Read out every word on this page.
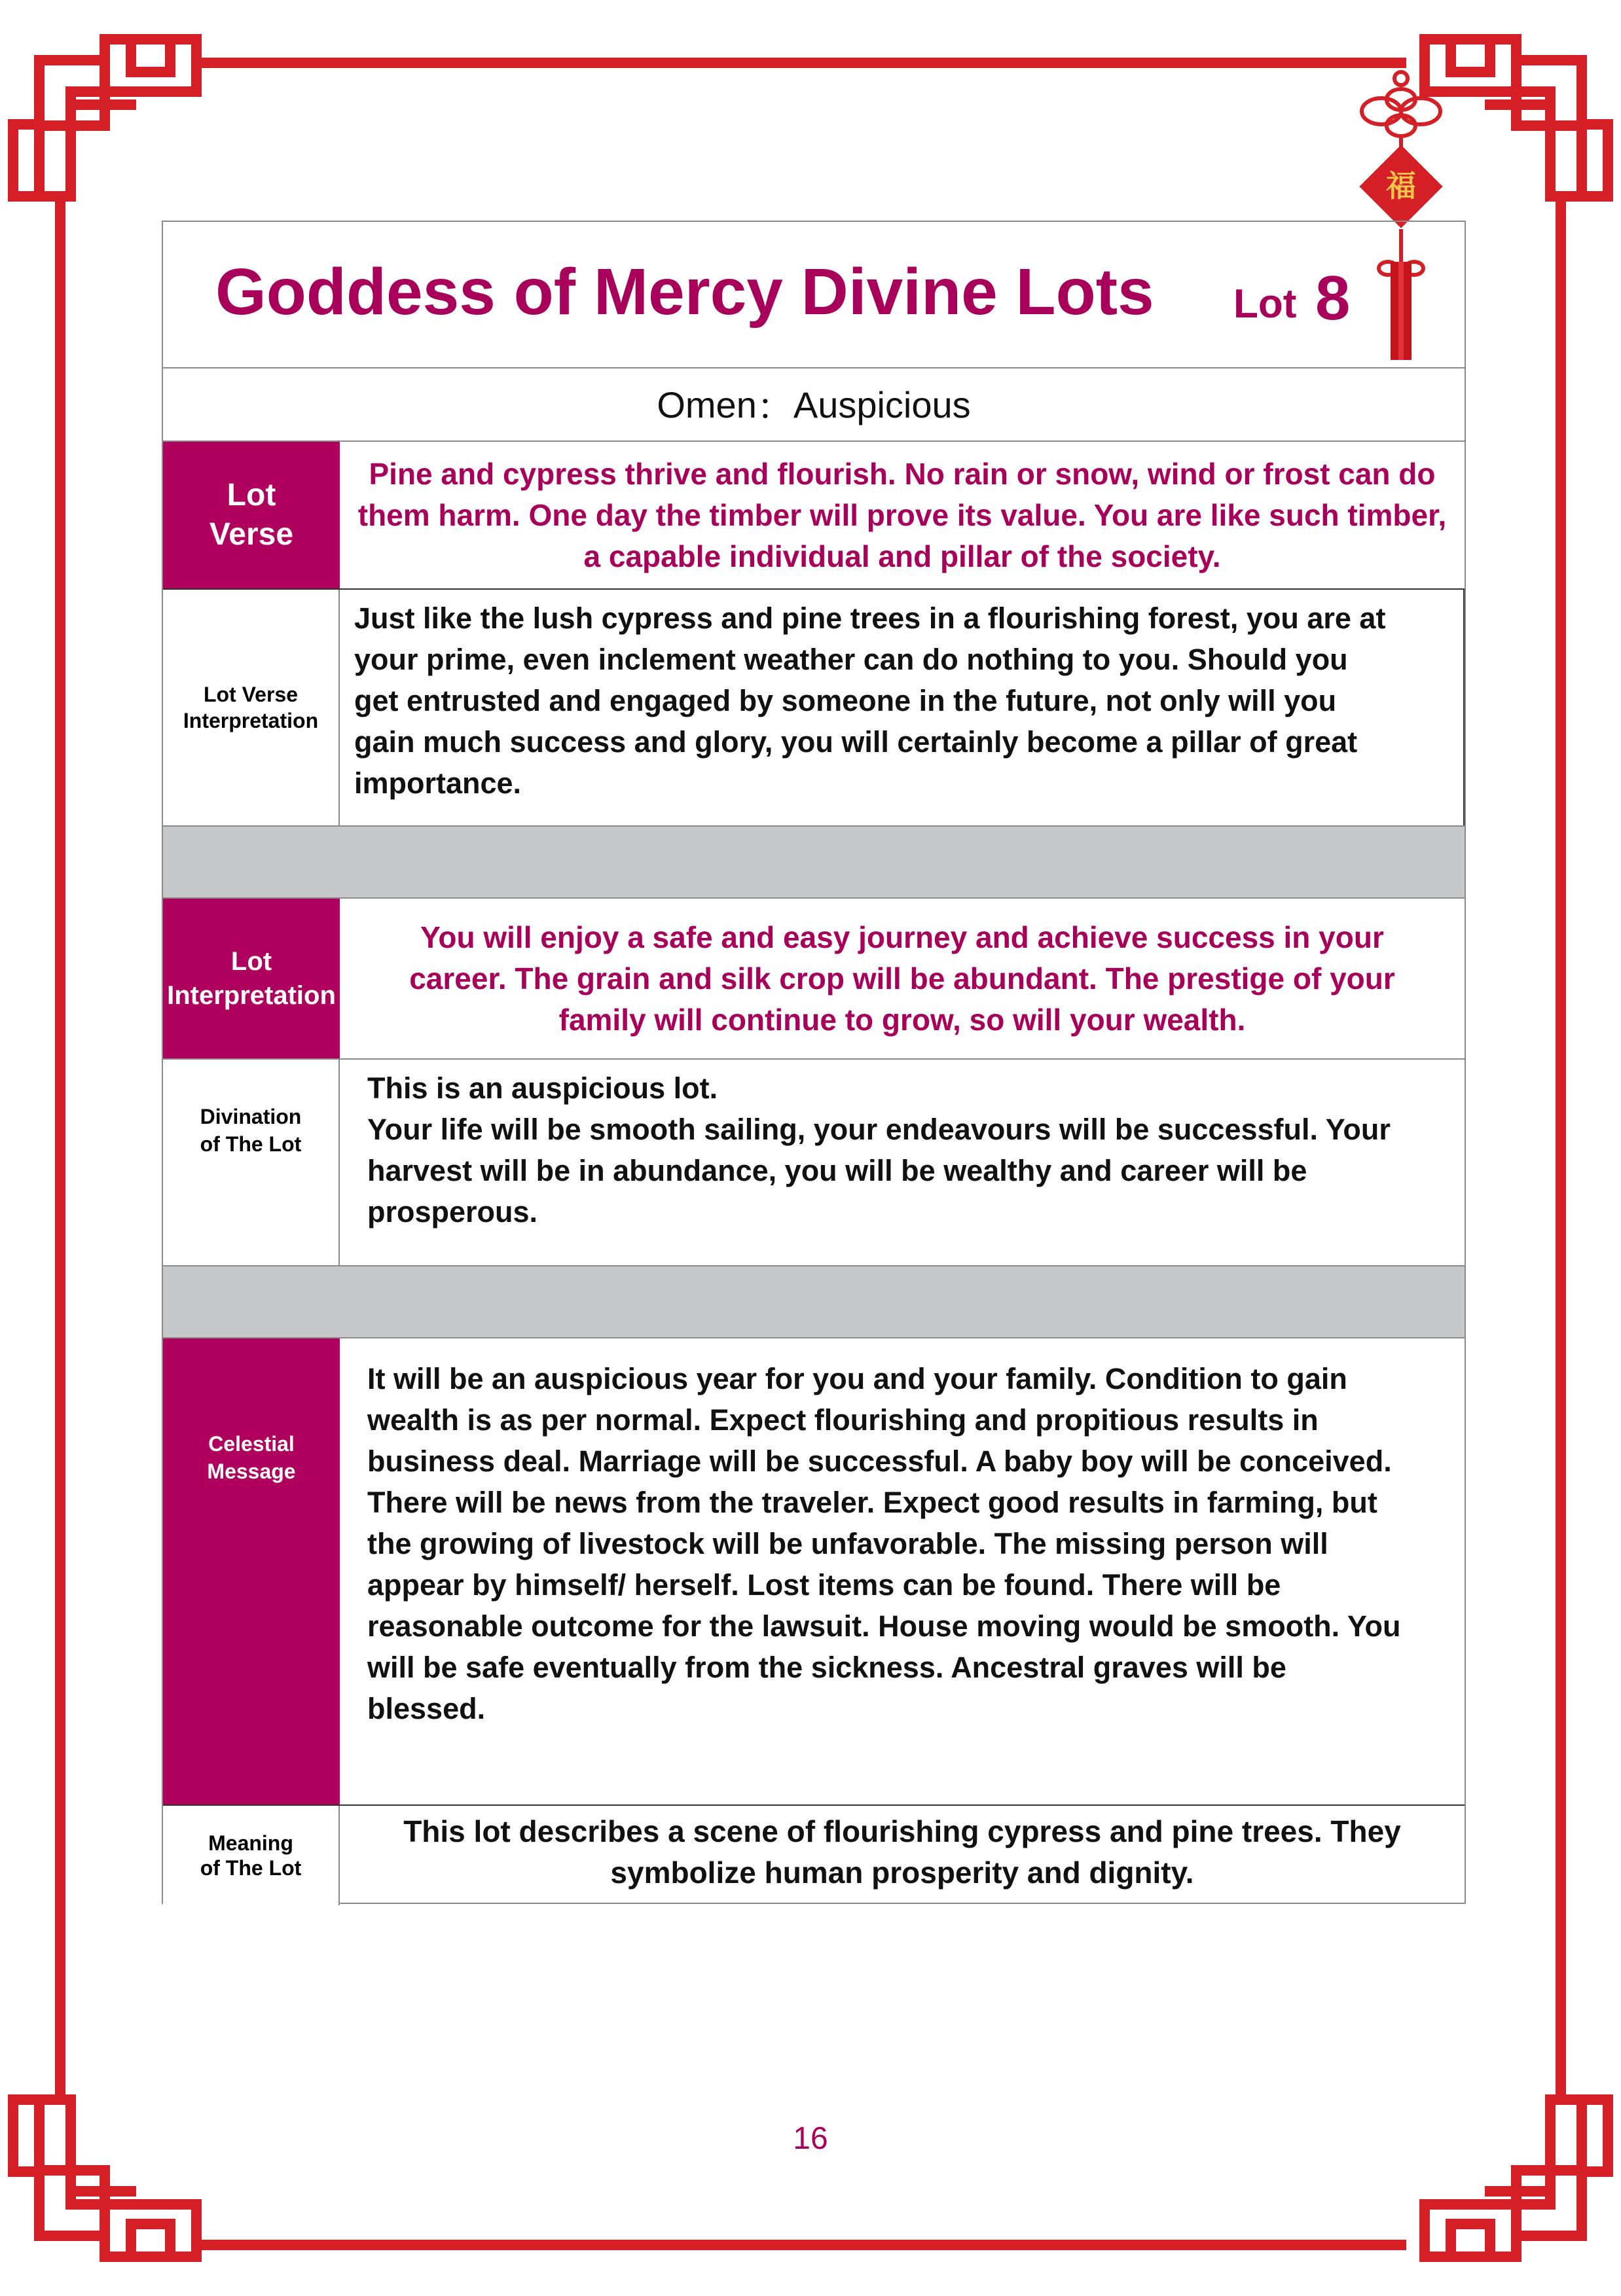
福
Goddess of Mercy Divine Lots Lot 8
Omen ： Auspicious
Lot
Verse
Pine and cypress thrive and flourish. No rain or snow, wind or frost can do them harm. One day the timber will prove its value. You are like such timber, a capable individual and pillar of the society.
Lot Verse
Interpretation
Just like the lush cypress and pine trees in a flourishing forest, you are at
your prime, even inclement weather can do nothing to you. Should you
get entrusted and engaged by someone in the future, not only will you
gain much success and glory, you will certainly become a pillar of great
importance.
Lot
Interpretation
You will enjoy a safe and easy journey and achieve success in your career. The grain and silk crop will be abundant. The prestige of your family will continue to grow, so will your wealth.
Divination
of The Lot
This is an auspicious lot.
Your life will be smooth sailing, your endeavours will be successful. Your
harvest will be in abundance, you will be wealthy and career will be
prosperous.
Celestial
Message
It will be an auspicious year for you and your family. Condition to gain
wealth is as per normal. Expect flourishing and propitious results in
business deal. Marriage will be successful. A baby boy will be conceived.
There will be news from the traveler. Expect good results in farming, but
the growing of livestock will be unfavorable. The missing person will
appear by himself/ herself. Lost items can be found. There will be
reasonable outcome for the lawsuit. House moving would be smooth. You
will be safe eventually from the sickness. Ancestral graves will be
blessed.
Meaning
of The Lot
This lot describes a scene of flourishing cypress and pine trees. They symbolize human prosperity and dignity.
16
